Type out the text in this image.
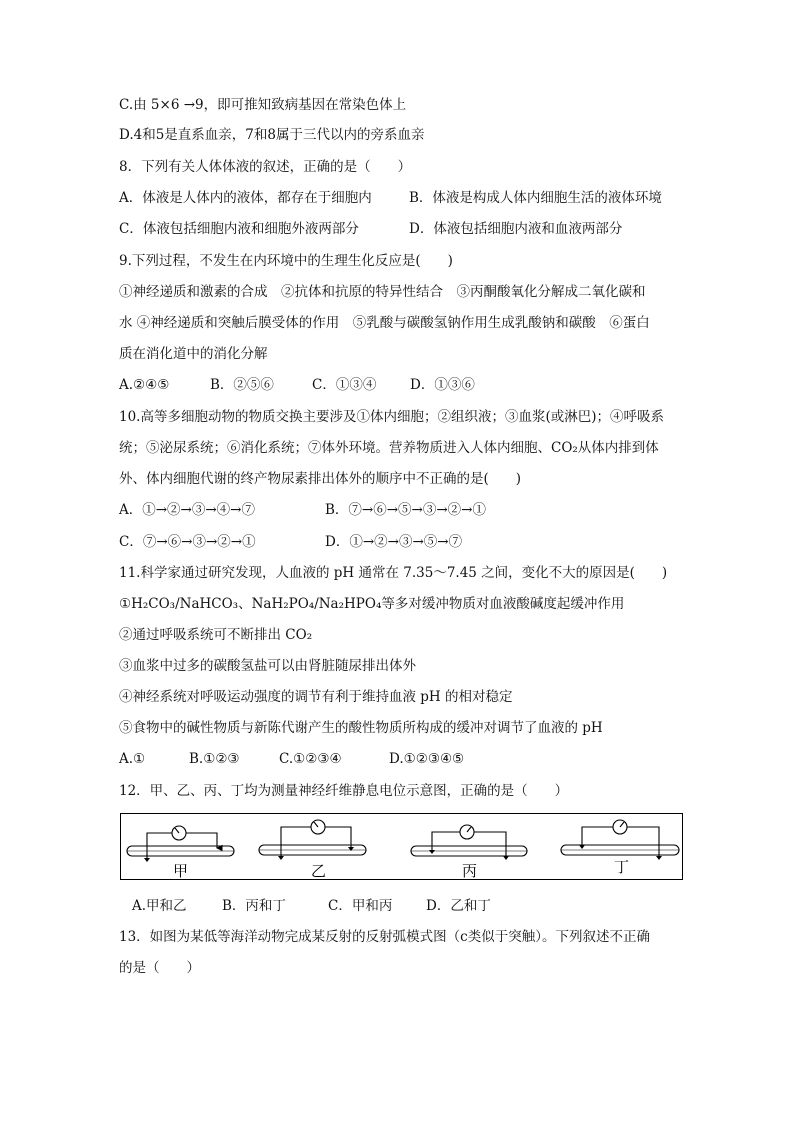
C.由 5×6 →9，即可推知致病基因在常染色体上
D.4和5是直系血亲，7和8属于三代以内的旁系血亲
8．下列有关人体体液的叙述，正确的是（　　）
A．体液是人体内的液体，都存在于细胞内	B．体液是构成人体内细胞生活的液体环境
C．体液包括细胞内液和细胞外液两部分	D．体液包括细胞内液和血液两部分
9.下列过程，不发生在内环境中的生理生化反应是(　　)
①神经递质和激素的合成　②抗体和抗原的特异性结合　③丙酮酸氧化分解成二氧化碳和
水 ④神经递质和突触后膜受体的作用　⑤乳酸与碳酸氢钠作用生成乳酸钠和碳酸　⑥蛋白
质在消化道中的消化分解
A.②④⑤	B．②⑤⑥	C．①③④ D．①③⑥
10.高等多细胞动物的物质交换主要涉及①体内细胞；②组织液；③血浆(或淋巴)；④呼吸系
统；⑤泌尿系统；⑥消化系统；⑦体外环境。营养物质进入人体内细胞、CO₂从体内排到体
外、体内细胞代谢的终产物尿素排出体外的顺序中不正确的是(　　)
A．①→②→③→④→⑦	B．⑦→⑥→⑤→③→②→①
C．⑦→⑥→③→②→①	D．①→②→③→⑤→⑦
11.科学家通过研究发现，人血液的 pH 通常在 7.35～7.45 之间，变化不大的原因是(　　)
①H₂CO₃/NaHCO₃、NaH₂PO₄/Na₂HPO₄等多对缓冲物质对血液酸碱度起缓冲作用
②通过呼吸系统可不断排出 CO₂
③血浆中过多的碳酸氢盐可以由肾脏随尿排出体外
④神经系统对呼吸运动强度的调节有利于维持血液 pH 的相对稳定
⑤食物中的碱性物质与新陈代谢产生的酸性物质所构成的缓冲对调节了血液的 pH
A.①	B.①②③	C.①②③④	D.①②③④⑤
12．甲、乙、丙、丁均为测量神经纤维静息电位示意图，正确的是（　　）
甲	乙	丙	丁
A.甲和乙	B．丙和丁	C．甲和丙 D．乙和丁
13．如图为某低等海洋动物完成某反射的反射弧模式图（c类似于突触）。下列叙述不正确
的是（　　）
